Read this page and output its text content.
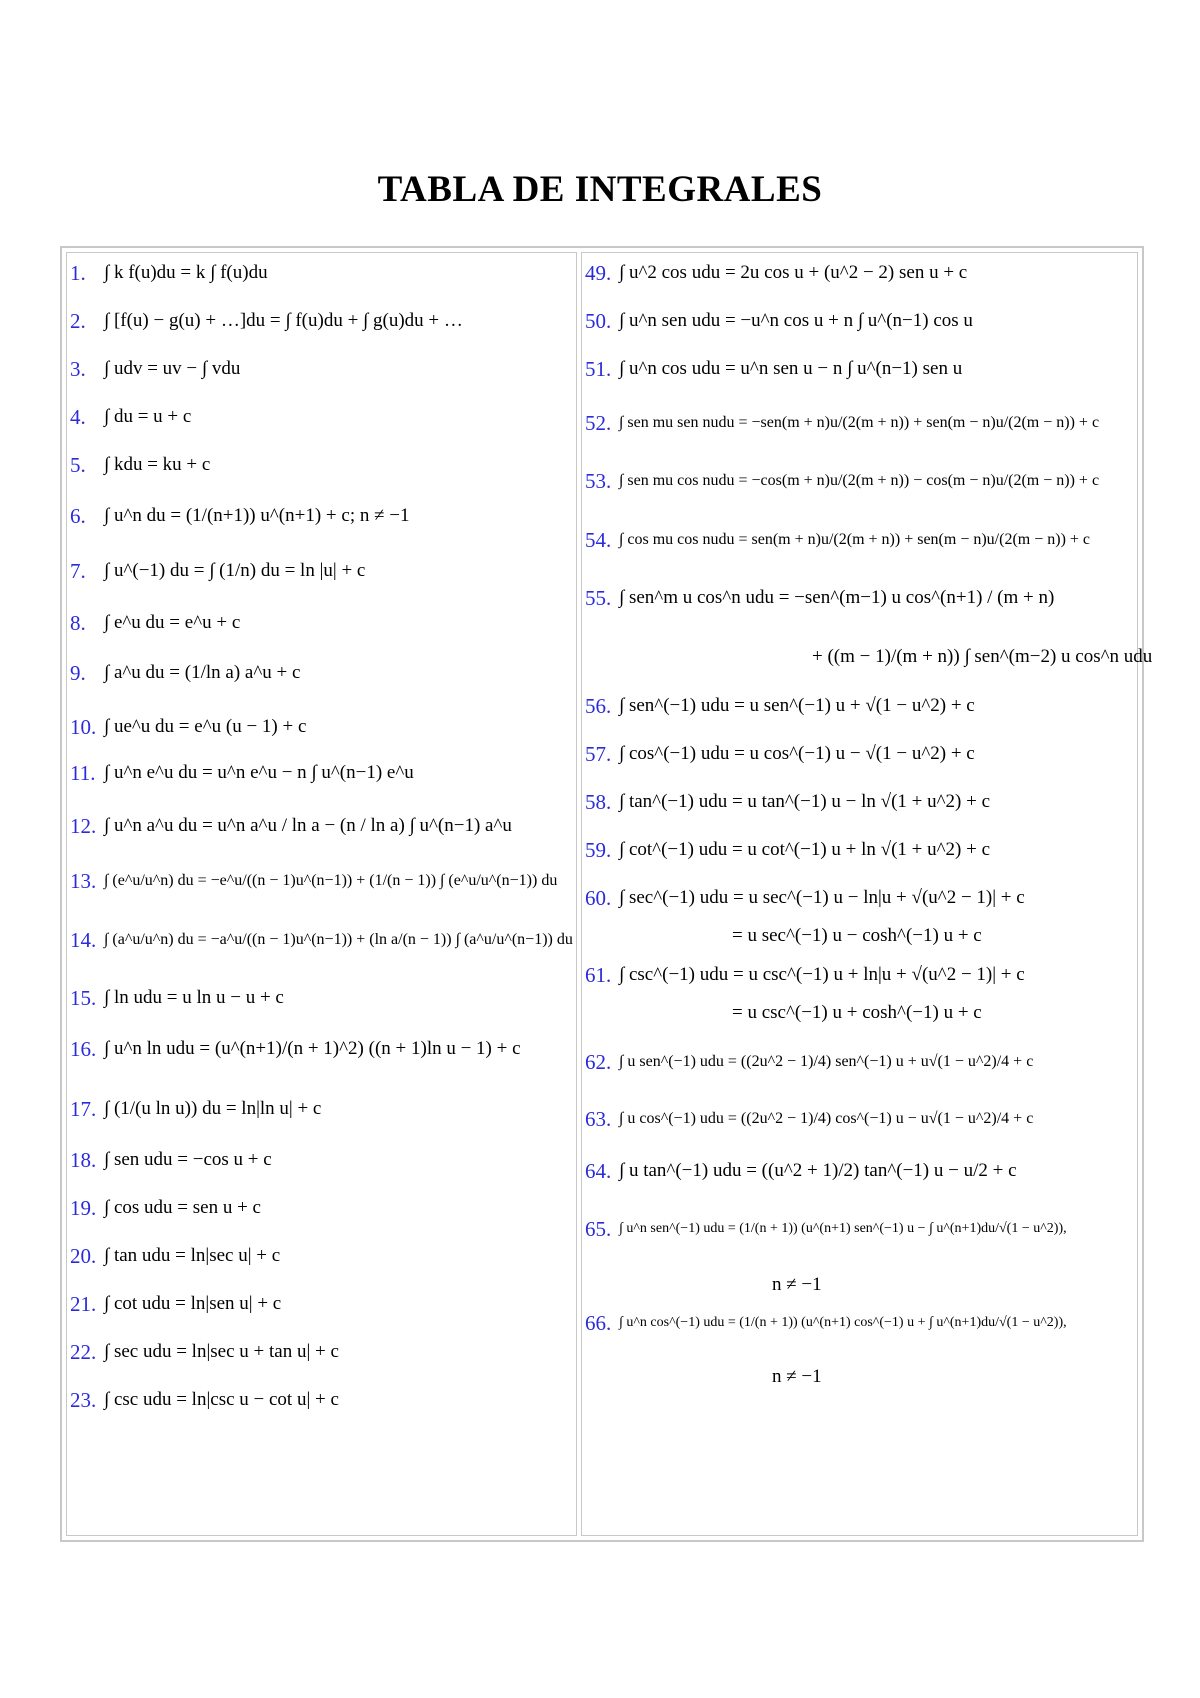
TABLA DE INTEGRALES
1. ∫ k f(u)du = k ∫ f(u)du
2. ∫ [f(u) − g(u) + …]du = ∫ f(u)du + ∫ g(u)du + …
3. ∫ udv = uv − ∫ vdu
4. ∫ du = u + c
5. ∫ kdu = ku + c
6. ∫ u^n du = (1/(n+1)) u^(n+1) + c; n ≠ −1
7. ∫ u^(−1) du = ∫ (1/n) du = ln |u| + c
8. ∫ e^u du = e^u + c
9. ∫ a^u du = (1/ln a) a^u + c
10. ∫ ue^u du = e^u (u − 1) + c
11. ∫ u^n e^u du = u^n e^u − n ∫ u^(n−1) e^u
12. ∫ u^n a^u du = u^n a^u / ln a − (n / ln a) ∫ u^(n−1) a^u
13. ∫ (e^u/u^n) du = −e^u/((n − 1)u^(n−1)) + (1/(n − 1)) ∫ (e^u/u^(n−1)) du
14. ∫ (a^u/u^n) du = −a^u/((n − 1)u^(n−1)) + (ln a/(n − 1)) ∫ (a^u/u^(n−1)) du
15. ∫ ln udu = u ln u − u + c
16. ∫ u^n ln udu = (u^(n+1)/(n + 1)^2) ((n + 1)ln u − 1) + c
17. ∫ (1/(u ln u)) du = ln|ln u| + c
18. ∫ sen udu = −cos u + c
19. ∫ cos udu = sen u + c
20. ∫ tan udu = ln|sec u| + c
21. ∫ cot udu = ln|sen u| + c
22. ∫ sec udu = ln|sec u + tan u| + c
23. ∫ csc udu = ln|csc u − cot u| + c
49. ∫ u^2 cos udu = 2u cos u + (u^2 − 2) sen u + c
50. ∫ u^n sen udu = −u^n cos u + n ∫ u^(n−1) cos u
51. ∫ u^n cos udu = u^n sen u − n ∫ u^(n−1) sen u
52. ∫ sen mu sen nudu = −sen(m + n)u/(2(m + n)) + sen(m − n)u/(2(m − n)) + c
53. ∫ sen mu cos nudu = −cos(m + n)u/(2(m + n)) − cos(m − n)u/(2(m − n)) + c
54. ∫ cos mu cos nudu = sen(m + n)u/(2(m + n)) + sen(m − n)u/(2(m − n)) + c
55. ∫ sen^m u cos^n udu = −sen^(m−1) u cos^(n+1) / (m + n)
+ ((m − 1)/(m + n)) ∫ sen^(m−2) u cos^n udu
56. ∫ sen^(−1) udu = u sen^(−1) u + √(1 − u^2) + c
57. ∫ cos^(−1) udu = u cos^(−1) u − √(1 − u^2) + c
58. ∫ tan^(−1) udu = u tan^(−1) u − ln √(1 + u^2) + c
59. ∫ cot^(−1) udu = u cot^(−1) u + ln √(1 + u^2) + c
60. ∫ sec^(−1) udu = u sec^(−1) u − ln|u + √(u^2 − 1)| + c
= u sec^(−1) u − cosh^(−1) u + c
61. ∫ csc^(−1) udu = u csc^(−1) u + ln|u + √(u^2 − 1)| + c
= u csc^(−1) u + cosh^(−1) u + c
62. ∫ u sen^(−1) udu = ((2u^2 − 1)/4) sen^(−1) u + u√(1 − u^2)/4 + c
63. ∫ u cos^(−1) udu = ((2u^2 − 1)/4) cos^(−1) u − u√(1 − u^2)/4 + c
64. ∫ u tan^(−1) udu = ((u^2 + 1)/2) tan^(−1) u − u/2 + c
65. ∫ u^n sen^(−1) udu = (1/(n + 1)) (u^(n+1) sen^(−1) u − ∫ u^(n+1)du/√(1 − u^2)),
n ≠ −1
66. ∫ u^n cos^(−1) udu = (1/(n + 1)) (u^(n+1) cos^(−1) u + ∫ u^(n+1)du/√(1 − u^2)),
n ≠ −1
